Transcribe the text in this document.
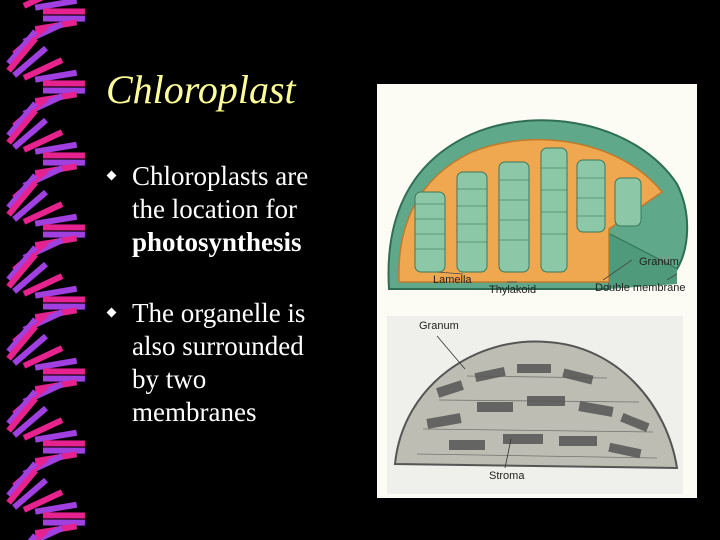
Chloroplast
Chloroplasts are
the location for
photosynthesis
The organelle is
also surrounded
by two
membranes
Lamella
Thylakoid
Granum
Double membrane
Granum
Stroma
